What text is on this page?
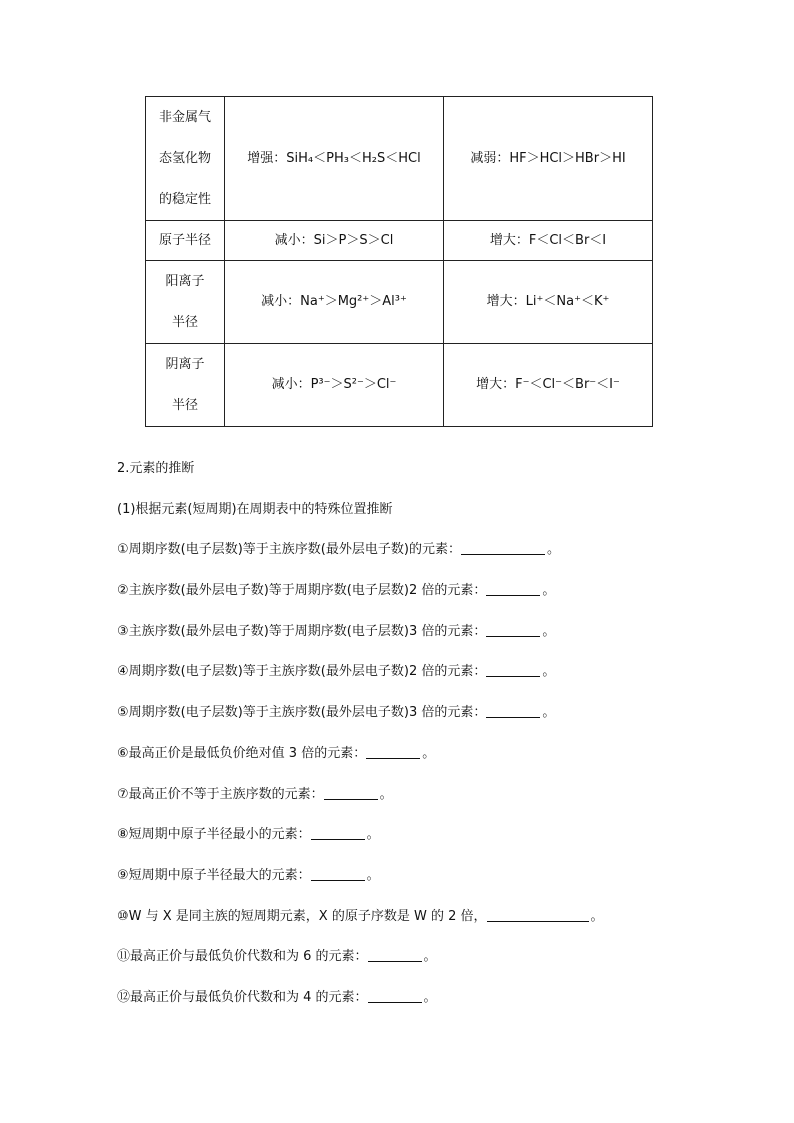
非金属气
态氢化物
的稳定性	增强：SiH₄＜PH₃＜H₂S＜HCl	减弱：HF＞HCl＞HBr＞HI

原子半径	减小：Si＞P＞S＞Cl	增大：F＜Cl＜Br＜I

阳离子
半径	减小：Na⁺＞Mg²⁺＞Al³⁺	增大：Li⁺＜Na⁺＜K⁺

阴离子
半径	减小：P³⁻＞S²⁻＞Cl⁻	增大：F⁻＜Cl⁻＜Br⁻＜I⁻
2.元素的推断
(1)根据元素(短周期)在周期表中的特殊位置推断
①周期序数(电子层数)等于主族序数(最外层电子数)的元素：	。
②主族序数(最外层电子数)等于周期序数(电子层数)2 倍的元素：	。
③主族序数(最外层电子数)等于周期序数(电子层数)3 倍的元素：	。
④周期序数(电子层数)等于主族序数(最外层电子数)2 倍的元素：	。
⑤周期序数(电子层数)等于主族序数(最外层电子数)3 倍的元素：	。
⑥最高正价是最低负价绝对值 3 倍的元素：	。
⑦最高正价不等于主族序数的元素：	。
⑧短周期中原子半径最小的元素：	。
⑨短周期中原子半径最大的元素：	。
⑩W 与 X 是同主族的短周期元素，X 的原子序数是 W 的 2 倍，	。
⑪最高正价与最低负价代数和为 6 的元素：	。
⑫最高正价与最低负价代数和为 4 的元素：	。
